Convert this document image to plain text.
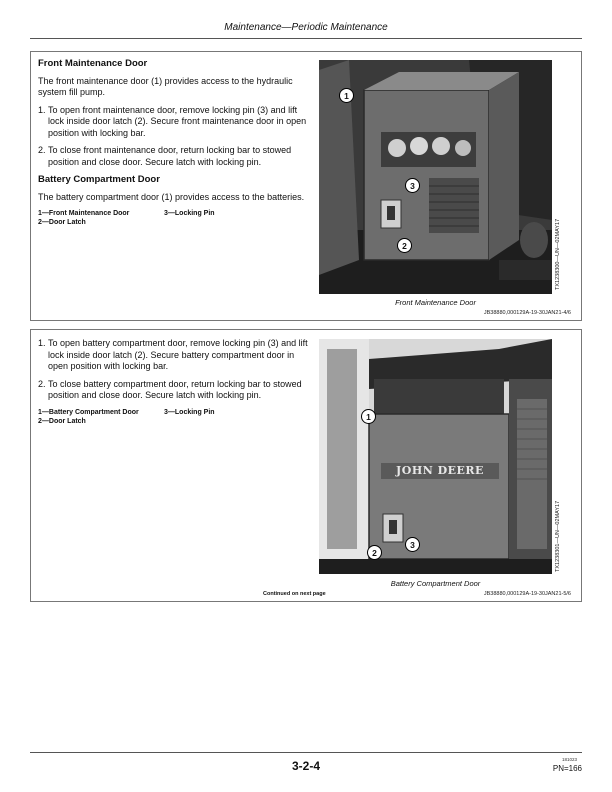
Maintenance—Periodic Maintenance
Front Maintenance Door
The front maintenance door (1) provides access to the hydraulic system fill pump.
1. To open front maintenance door, remove locking pin (3) and lift lock inside door latch (2). Secure front maintenance door in open position with locking bar.
2. To close front maintenance door, return locking bar to stowed position and close door. Secure latch with locking pin.
Battery Compartment Door
The battery compartment door (1) provides access to the batteries.
1—Front Maintenance Door	3—Locking Pin
2—Door Latch
1
3
2	TX1238300—UN—02MAY17
Front Maintenance Door
JB38880,000129A-19-30JAN21-4/6
1. To open battery compartment door, remove locking pin (3) and lift lock inside door latch (2). Secure battery compartment door in open position with locking bar.
2. To close battery compartment door, return locking bar to stowed position and close door. Secure latch with locking pin.
1—Battery Compartment Door	3—Locking Pin
2—Door Latch
JOHN DEERE
1
2
3	TX1238301—UN—02MAY17
Battery Compartment Door
Continued on next page	JB38880,000129A-19-30JAN21-5/6
3-2-4	181023
PN=166
